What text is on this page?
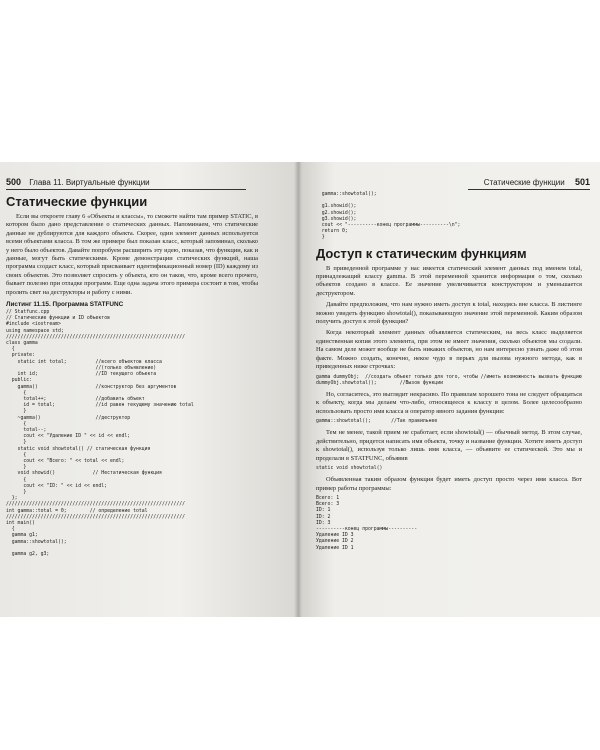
500 Глава 11. Виртуальные функции
Статические функции

Если вы откроете главу 6 «Объекты и классы», то сможете найти там пример STATIC, в котором было дано представление о статических данных. Напоминаем, что статические данные не дублируются для каждого объекта. Скорее, один элемент данных используется всеми объектами класса. В том же примере был показан класс, который запоминал, сколько у него было объектов. Давайте попробуем расширить эту идею, показав, что функции, как и данные, могут быть статическими. Кроме демонстрации статических функций, наша программа создаст класс, который присваивает идентификационный номер (ID) каждому из своих объектов. Это позволяет спросить у объекта, кто он таков, что, кроме всего прочего, бывает полезно при отладке программ. Еще одна задача этого примера состоит в том, чтобы пролить свет на деструкторы и работу с ними.

Листинг 11.15. Программа STATFUNC
// Statfunc.cpp
// Статические функции и ID объектов
#include <iostream>
using namespace std;
//////////////////////////////////////////////////////////////
class gamma
{
private:
static int total;          //всего объектов класса
//(только объявление)
int id;                    //ID текущего объекта
public:
gamma()                    //конструктор без аргументов
{
total++;                 //добавить объект
id = total;              //id равен текущему значению total
}
~gamma()                   //деструктор
{
total--;
cout << "Удаление ID " << id << endl;
}
static void showtotal() // статическая функция
{
cout << "Всего: " << total << endl;
}
void showid()             // Нестатическая функция
{
cout << "ID: " << id << endl;
}
};
//////////////////////////////////////////////////////////////
int gamma::total = 0;        // определение total
//////////////////////////////////////////////////////////////
int main()
{
gamma g1;
gamma::showtotal();

gamma g2, g3;
Статические функции 501
gamma::showtotal();

g1.showid();
g2.showid();
g3.showid();
cout << "----------конец программы----------\n";
return 0;
}
Доступ к статическим функциям

В приведенной программе у нас имеется статический элемент данных под именем total, принадлежащий классу gamma. В этой переменной хранится информация о том, сколько объектов создано в классе. Ее значение увеличивается конструктором и уменьшается деструктором.

Давайте предположим, что нам нужно иметь доступ к total, находясь вне класса. В листинге можно увидеть функцию showtotal(), показывающую значение этой переменной. Каким образом получить доступ к этой функции?

Когда некоторый элемент данных объявляется статическим, на весь класс выделяется единственная копия этого элемента, при этом не имеет значения, сколько объектов мы создали. На самом деле может вообще не быть никаких объектов, но нам интересно узнать даже об этом факте. Можно создать, конечно, некое чудо в перьях для вызова нужного метода, как в приведенных ниже строчках:

gamma dummyObj;  //создать объект только для того, чтобы //иметь возможность вызвать функцию
dummyObj.showtotal();        //Вызов функции

Но, согласитесь, это выглядит некрасиво. По правилам хорошего тона не следует обращаться к объекту, когда мы делаем что-либо, относящееся к классу в целом. Более целесообразно использовать просто имя класса и оператор явного задания функции:

gamma::showtotal();       //Так правильнее

Тем не менее, такой прием не сработает, если showtotal() — обычный метод. В этом случае, действительно, придется написать имя объекта, точку и название функции. Хотите иметь доступ к showtotal(), используя только лишь имя класса, — объявите ее статической. Это мы и проделали в STATFUNC, объявив

static void showtotal()

Объявленная таким образом функция будет иметь доступ просто через имя класса. Вот пример работы программы:

Всего: 1
Всего: 3
ID: 1
ID: 2
ID: 3
----------конец программы----------
Удаление ID 3
Удаление ID 2
Удаление ID 1
